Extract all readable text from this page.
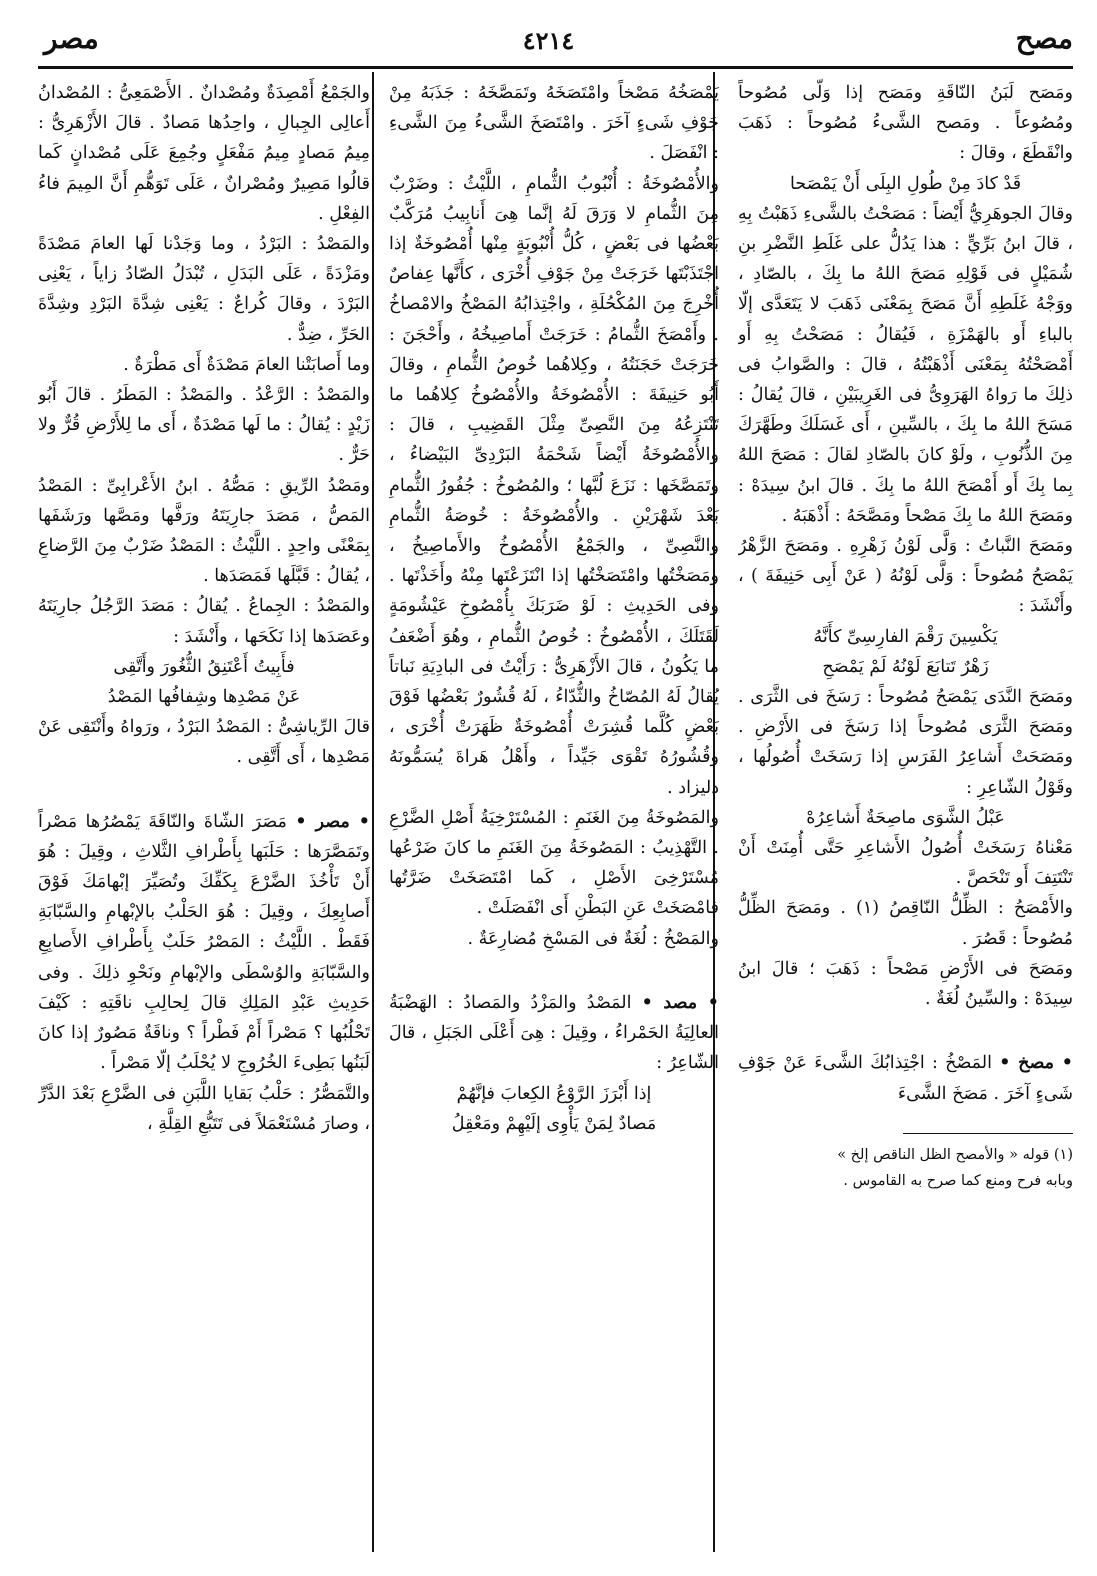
مصح
٤٢١٤
مصر

ومَصَح لَبَنُ النّاقَةِ ومَصَح إذا وَلّى مُصُوحاً ومُصُوعاً . ومَصح الشَّىءُ مُصُوحاً : ذَهَبَ وانْقَطَعَ ، وقالَ :

قَدْ كادَ مِنْ طُولِ البِلَى أَنْ يَمْصَحا

وقالَ الجوهَرِيُّ أَيْضاً : مَصَحْتُ بالشَّىءِ ذَهَبْتُ بِهِ ، قالَ ابنُ بَرِّيٍّ : هذا يَدُلُّ على غَلَطِ النَّضْرِ بنِ شُمَيْلٍ فى قَوْلِهِ مَصَحَ اللهُ ما بِكَ ، بالصّادِ ، ووَجْهُ غَلَطِهِ أَنَّ مَصَحَ بِمَعْنَى ذَهَبَ لا يَتَعَدَّى إلّا بالباءِ أَو بالهَمْزَةِ ، فَيُقالُ : مَصَحْتُ بِهِ أَو أَمْصَحْتُهُ بِمَعْنَى أَذْهَبْتُهُ ، قالَ : والصَّوابُ فى ذلِكَ ما رَواهُ الهَرَوِىُّ فى الغَرِيبَيْنِ ، قالَ يُقالُ : مَسَحَ اللهُ ما بِكَ ، بالسِّينِ ، أَى غَسَلَكَ وطَهَّرَكَ مِنَ الذُّنُوبِ ، ولَوْ كانَ بالصّادِ لقالَ : مَصَحَ اللهُ بِما بِكَ أَو أَمْصَحَ اللهُ ما بِكَ . قالَ ابنُ سِيدَهْ : ومَصَحَ اللهُ ما بِكَ مَصْحاً ومَصَّحَهُ : أَذْهَبَهُ .

ومَصَحَ النَّباتُ : وَلَّى لَوْنُ زَهْرِهِ . ومَصَحَ الزَّهْرُ يَمْصَحُ مُصُوحاً : وَلَّى لَوْنُهُ ( عَنْ أَبِى حَنِيفَةَ ) ، وأَنْشَدَ :

يَكْسِينَ رَقْمَ الفارِسِىِّ كأَنَّهُ

زَهْرٌ تَتابَعَ لَوْنُهُ لَمْ يَمْصَحِ

ومَصَحَ النَّدَى يَمْصَحُ مُصُوحاً : رَسَخَ فى الثَّرَى . ومَصَحَ الثَّرَى مُصُوحاً إذا رَسَخَ فى الأَرْضِ . ومَصَحَتْ أَشاعِرُ الفَرَسِ إذا رَسَخَتْ أُصُولُها ، وقَوْلُ الشّاعِرِ :

عَبْلُ الشَّوَى ماصِحَةٌ أَشاعِرُهْ

مَعْناهُ رَسَخَتْ أُصُولُ الأَشاعِرِ حَتَّى أُمِنَتْ أَنْ تَنْتَتِفَ أَو تَنْحَصَّ .

والأَمْصَحُ : الظِّلُّ النّاقِصُ (١) . ومَصَحَ الظِّلُّ مُصُوحاً : قَصُرَ .

ومَصَحَ فى الأَرْضِ مَصْحاً : ذَهَبَ ؛ قالَ ابنُ سِيدَهْ : والسِّينُ لُغَةٌ .

• مصخ • المَصْخُ : اجْتِذابُكَ الشَّىءَ عَنْ جَوْفِ شَىءٍ آخَرَ . مَصَخَ الشَّىءَ

(١) قوله « والأمصح الظل الناقص إلخ »

وبابه فرح ومنع كما صرح به القاموس .

يَمْصَخُهُ مَصْخاً وامْتَصَخَهُ وتَمَصَّخَهُ : جَذَبَهُ مِنْ جَوْفِ شَىءٍ آخَرَ . وامْتَصَخَ الشَّىءُ مِنَ الشَّىءِ : انْفَصَلَ .

والأُمْصُوخَةُ : أُنْبُوبُ الثُّمامِ ، اللَّيْثُ : وضَرْبٌ مِنَ الثُّمامِ لا وَرَقَ لَهُ إنَّما هِىَ أَنابِيبُ مُرَكَّبٌ بَعْضُها فى بَعْضٍ ، كُلُّ أُنْبُوبَةٍ مِنْها أُمْصُوخَةٌ إذا اجْتَذَبْتَها خَرَجَتْ مِنْ جَوْفِ أُخْرَى ، كأَنَّها عِفاصٌ أُخْرِجَ مِنَ المُكْحُلَةِ ، واجْتِذابُهُ المَصْخُ والامْصاخُ . وأَمْصَخَ الثُّمامُ : خَرَجَتْ أَماصِيخُهُ ، وأَحْجَنَ : خَرَجَتْ حَجَنَتُهُ ، وكِلاهُما خُوصُ الثُّمامِ ، وقالَ أَبُو حَنِيفَةَ : الأُمْصُوخَةُ والأُمْصُوخُ كِلاهُما ما تَنْتَزِعُهُ مِنَ النَّصِىِّ مِثْلَ القَضِيبِ ، قالَ : والأُمْصُوخَةُ أَيْضاً شَحْمَةُ البَرْدِىِّ البَيْضاءُ ، وتَمَصَّخَها : نَزَعَ لُبَّها ؛ والمُصُوخُ : جُفُورُ الثُّمامِ بَعْدَ شَهْرَيْنِ . والأُمْصُوخَةُ : خُوصَةُ الثُّمامِ والنَّصِىِّ ، والجَمْعُ الأُمْصُوخُ والأَماصِيخُ ، ومَصَخْتُها وامْتَصَخْتُها إذا انْتَزَعْتَها مِنْهُ وأَخَذْتَها . وفى الحَدِيثِ : لَوْ ضَرَبَكَ بِأُمْصُوخِ عَيْشُومَةٍ لَقَتَلَكَ ، الأُمْصُوخُ : خُوصُ الثُّمامِ ، وهُوَ أَضْعَفُ ما يَكُونُ ، قالَ الأَزْهَرِىُّ : رَأَيْتُ فى البادِيَةِ نَباتاً يُقالُ لَهُ المُصّاخُ والثُّدّاءُ ، لَهُ قُشُورٌ بَعْضُها فَوْقَ بَعْضٍ كُلَّما قُشِرَتْ أُمْصُوخَةٌ ظَهَرَتْ أُخْرَى ، وقُشُورُهُ تَقْوَى جَيِّداً ، وأَهْلُ هَراةَ يُسَمُّونَهُ دليزاد .

والمَصُوخَةُ مِنَ الغَنَمِ : المُسْتَرْخِيَةُ أَصْلِ الضَّرْعِ . التَّهْذِيبُ : المَصُوخَةُ مِنَ الغَنَمِ ما كانَ ضَرْعُها مُسْتَرْخِىَ الأَصْلِ ، كَما امْتَصَخَتْ ضَرَّتُها فامْصَخَتْ عَنِ البَطْنِ أَى انْفَصَلَتْ .

والمَصْخُ : لُغَةٌ فى المَسْخِ مُضارِعَةٌ .

• مصد • المَصْدُ والمَزْدُ والمَصادُ : الهَضْبَةُ العالِيَةُ الحَمْراءُ ، وقِيلَ : هِىَ أَعْلَى الجَبَلِ ، قالَ الشّاعِرُ :

إذا أَبْرَزَ الرَّوْعُ الكِعابَ فإنَّهُمْ

مَصادٌ لِمَنْ يَأْوِى إلَيْهِمْ ومَعْقِلُ

والجَمْعُ أَمْصِدَةٌ ومُصْدانٌ . الأَصْمَعِىُّ : المُصْدانُ أَعالِى الجِبالِ ، واحِدُها مَصادٌ . قالَ الأَزْهَرِىُّ : مِيمُ مَصادٍ مِيمُ مَفْعَلٍ وجُمِعَ عَلَى مُصْدانٍ كَما قالُوا مَصِيرٌ ومُصْرانٌ ، عَلَى تَوَهُّمِ أَنَّ المِيمَ فاءُ الفِعْلِ .

والمَصْدُ : البَرْدُ ، وما وَجَدْنا لَها العامَ مَصْدَةً ومَزْدَةً ، عَلَى البَدَلِ ، تُبْدَلُ الصّادُ زاياً ، يَعْنِى البَرْدَ ، وقالَ كُراعٌ : يَعْنِى شِدَّةَ البَرْدِ وشِدَّةَ الحَرِّ ، ضِدٌّ .

وما أَصابَتْنا العامَ مَصْدَةٌ أَى مَطْرَةٌ .

والمَصْدُ : الرَّعْدُ . والمَصْدُ : المَطَرُ . قالَ أَبُو زَيْدٍ : يُقالُ : ما لَها مَصْدَةٌ ، أَى ما لِلأَرْضِ قُرٌّ ولا حَرٌّ .

ومَصْدُ الرِّيقِ : مَصُّهُ . ابنُ الأَعْرابِىِّ : المَصْدُ المَصُّ ، مَصَدَ جارِيَتَهُ ورَفَّها ومَصَّها ورَشَفَها بِمَعْنًى واحِدٍ . اللَّيْثُ : المَصْدُ ضَرْبٌ مِنَ الرَّضاعِ ، يُقالُ : قَبَّلَها فَمَصَدَها .

والمَصْدُ : الجِماعُ . يُقالُ : مَصَدَ الرَّجُلُ جارِيَتَهُ وعَصَدَها إذا نَكَحَها ، وأَنْشَدَ :

فأَبِيتُ أَعْتَنِقُ الثُّغُورَ وأَتَّقِى

عَنْ مَصْدِها وشِفافُها المَصْدُ

قالَ الرِّياشِىُّ : المَصْدُ البَرْدُ ، ورَواهُ وأَنْتَقِى عَنْ مَصْدِها ، أَى أَتَّقِى .

• مصر • مَصَرَ الشّاةَ والنّاقَةَ يَمْصُرُها مَصْراً وتَمَصَّرَها : حَلَبَها بِأَطْرافِ الثَّلاثِ ، وقِيلَ : هُوَ أَنْ تَأْخُذَ الضَّرْعَ بِكَفِّكَ وتُصَيِّرَ إبْهامَكَ فَوْقَ أَصابِعِكَ ، وقِيلَ : هُوَ الحَلْبُ بالإبْهامِ والسَّبّابَةِ فَقَطْ . اللَّيْثُ : المَصْرُ حَلَبٌ بِأَطْرافِ الأَصابِعِ والسَّبّابَةِ والوُسْطَى والإبْهامِ ونَحْوِ ذلِكَ . وفى حَدِيثِ عَبْدِ المَلِكِ قالَ لِحالِبِ ناقَتِهِ : كَيْفَ تَحْلُبُها ؟ مَصْراً أَمْ فَطْراً ؟ وناقَةٌ مَصُورٌ إذا كانَ لَبَنُها بَطِىءَ الخُرُوجِ لا يُحْلَبُ إلّا مَصْراً .

والتَّمَصُّرُ : حَلْبُ بَقايا اللَّبَنِ فى الضَّرْعِ بَعْدَ الدَّرِّ ، وصارَ مُسْتَعْمَلاً فى تَتَبُّعِ القِلَّةِ ،
